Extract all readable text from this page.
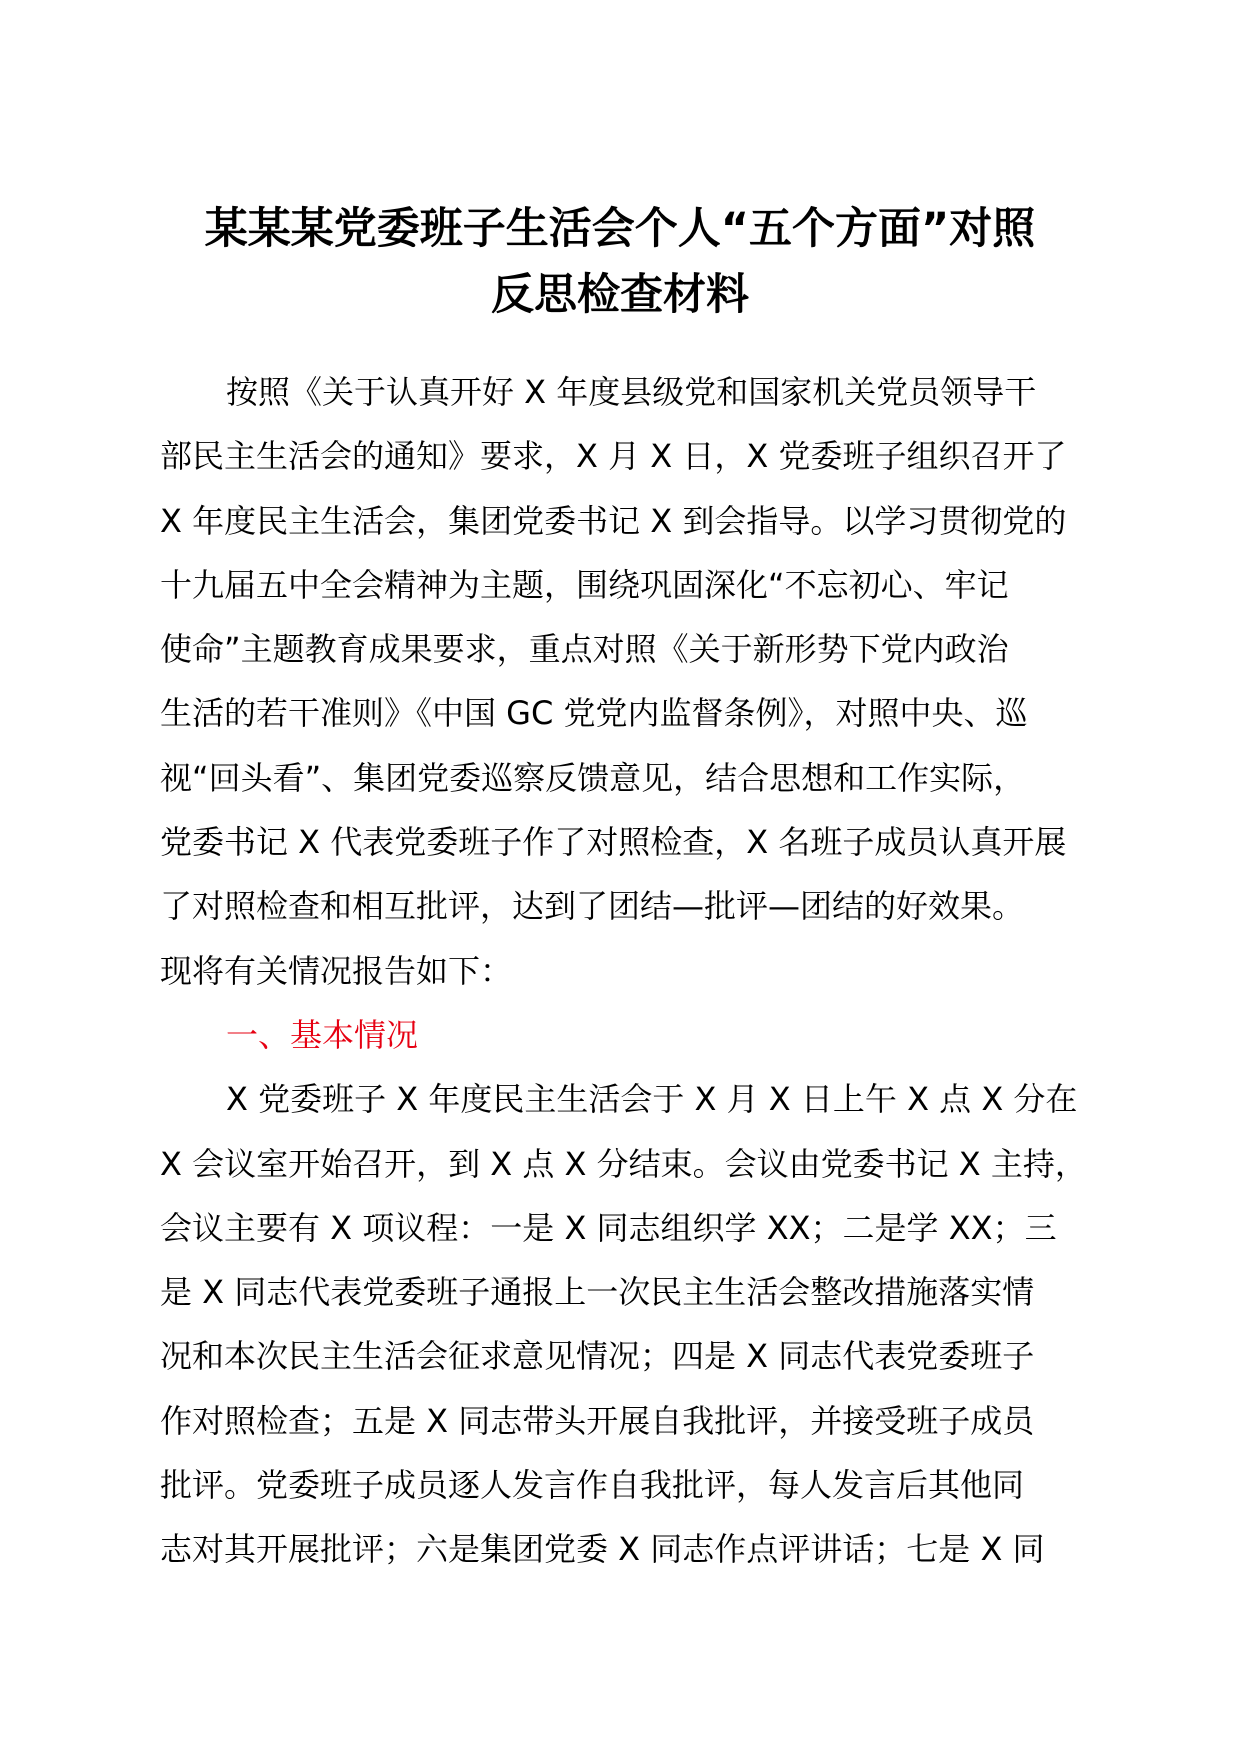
某某某党委班子生活会个人“五个方面”对照
反思检查材料
按照《关于认真开好 X 年度县级党和国家机关党员领导干
部民主生活会的通知》要求，X 月 X 日，X 党委班子组织召开了
X 年度民主生活会，集团党委书记 X 到会指导。以学习贯彻党的
十九届五中全会精神为主题，围绕巩固深化“不忘初心、牢记
使命”主题教育成果要求，重点对照《关于新形势下党内政治
生活的若干准则》《中国 GC 党党内监督条例》，对照中央、巡
视“回头看”、集团党委巡察反馈意见，结合思想和工作实际，
党委书记 X 代表党委班子作了对照检查，X 名班子成员认真开展
了对照检查和相互批评，达到了团结—批评—团结的好效果。
现将有关情况报告如下：
一、基本情况
X 党委班子 X 年度民主生活会于 X 月 X 日上午 X 点 X 分在
X 会议室开始召开，到 X 点 X 分结束。会议由党委书记 X 主持，
会议主要有 X 项议程：一是 X 同志组织学 XX；二是学 XX；三
是 X 同志代表党委班子通报上一次民主生活会整改措施落实情
况和本次民主生活会征求意见情况；四是 X 同志代表党委班子
作对照检查；五是 X 同志带头开展自我批评，并接受班子成员
批评。党委班子成员逐人发言作自我批评，每人发言后其他同
志对其开展批评；六是集团党委 X 同志作点评讲话；七是 X 同
